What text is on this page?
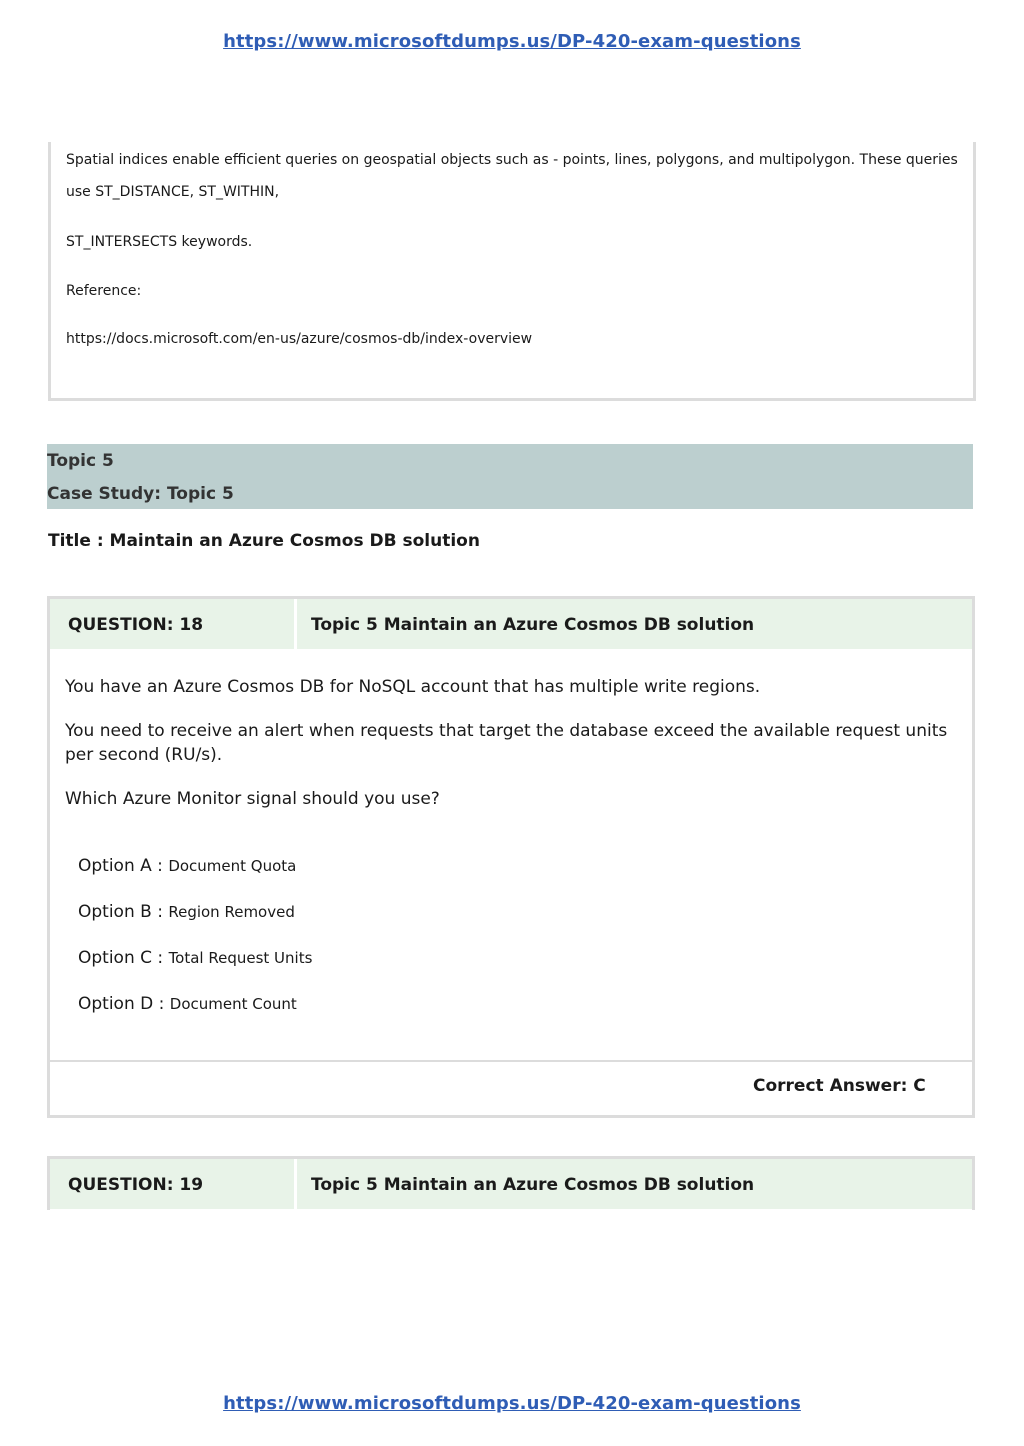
https://www.microsoftdumps.us/DP-420-exam-questions

Spatial indices enable efficient queries on geospatial objects such as - points, lines, polygons, and multipolygon. These queries

use ST_DISTANCE, ST_WITHIN,

ST_INTERSECTS keywords.

Reference:

https://docs.microsoft.com/en-us/azure/cosmos-db/index-overview

Topic 5
Case Study: Topic 5
Title : Maintain an Azure Cosmos DB solution
QUESTION: 18	Topic 5 Maintain an Azure Cosmos DB solution

You have an Azure Cosmos DB for NoSQL account that has multiple write regions.

You need to receive an alert when requests that target the database exceed the available request units per second (RU/s).

Which Azure Monitor signal should you use?

Option A : Document Quota
Option B : Region Removed
Option C : Total Request Units
Option D : Document Count
Correct Answer: C
QUESTION: 19	Topic 5 Maintain an Azure Cosmos DB solution
https://www.microsoftdumps.us/DP-420-exam-questions
